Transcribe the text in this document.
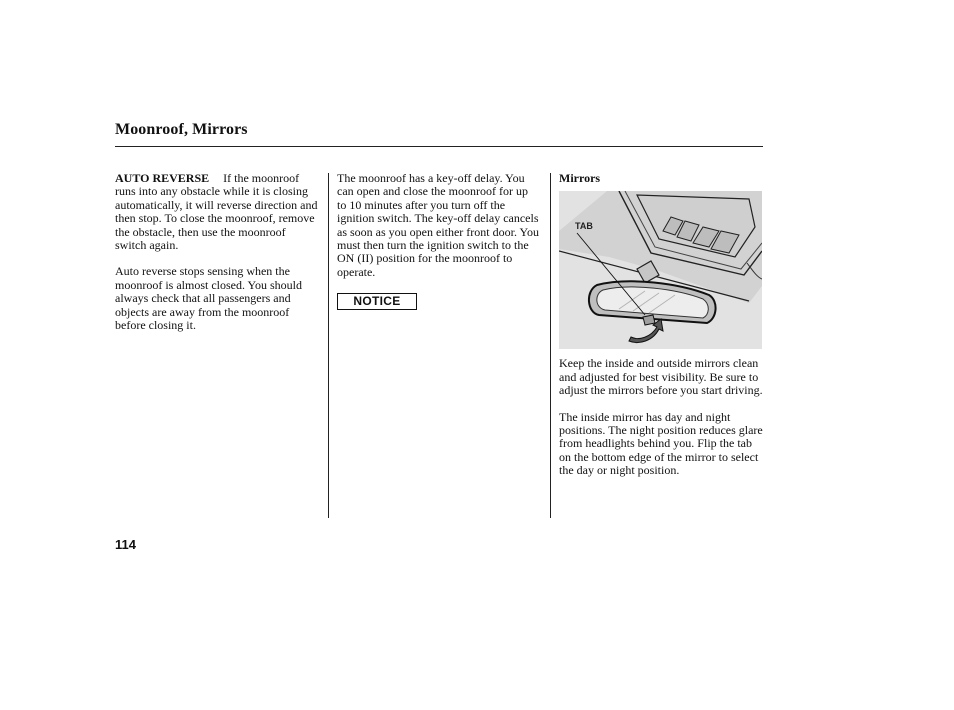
Moonroof, Mirrors

AUTO REVERSE If the moonroof runs into any obstacle while it is closing automatically, it will reverse direction and then stop. To close the moonroof, remove the obstacle, then use the moonroof switch again.

Auto reverse stops sensing when the moonroof is almost closed. You should always check that all passengers and objects are away from the moonroof before closing it.

The moonroof has a key-off delay. You can open and close the moonroof for up to 10 minutes after you turn off the ignition switch. The key-off delay cancels as soon as you open either front door. You must then turn the ignition switch to the ON (II) position for the moonroof to operate.

NOTICE
Mirrors
TAB

Keep the inside and outside mirrors clean and adjusted for best visibility. Be sure to adjust the mirrors before you start driving.

The inside mirror has day and night positions. The night position reduces glare from headlights behind you. Flip the tab on the bottom edge of the mirror to select the day or night position.

114
